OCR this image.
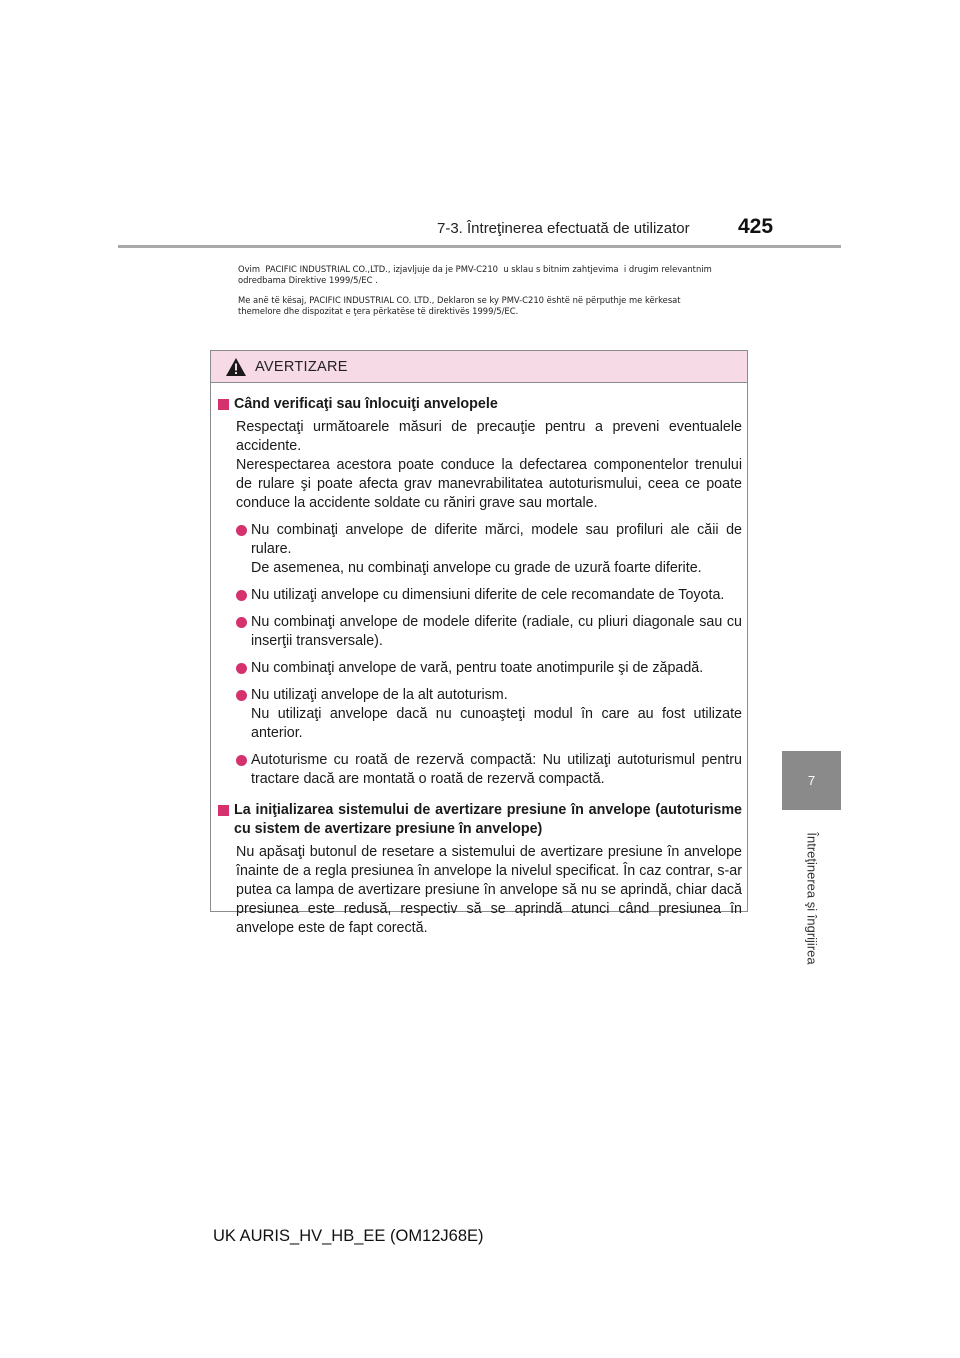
7-3. Întreţinerea efectuată de utilizator 425
7
Întreţinerea şi îngrijirea
Ovim  PACIFIC INDUSTRIAL CO.,LTD., izjavljuje da je PMV-C210  u sklau s bitnim zahtjevima  i drugim relevantnim
odredbama Direktive 1999/5/EC .
Me anë të kësaj, PACIFIC INDUSTRIAL CO. LTD., Deklaron se ky PMV-C210 është në përputhje me kërkesat
themelore dhe dispozitat e ţera përkatëse të direktivës 1999/5/EC.
AVERTIZARE
Când verificaţi sau înlocuiţi anvelopele
Respectaţi următoarele măsuri de precauţie pentru a preveni eventualele accidente.
Nerespectarea acestora poate conduce la defectarea componentelor trenului de rulare şi poate afecta grav manevrabilitatea autoturismului, ceea ce poate conduce la accidente soldate cu răniri grave sau mortale.
Nu combinaţi anvelope de diferite mărci, modele sau profiluri ale căii de rulare.
De asemenea, nu combinaţi anvelope cu grade de uzură foarte diferite.
Nu utilizaţi anvelope cu dimensiuni diferite de cele recomandate de Toyota.
Nu combinaţi anvelope de modele diferite (radiale, cu pliuri diagonale sau cu inserţii transversale).
Nu combinaţi anvelope de vară, pentru toate anotimpurile şi de zăpadă.
Nu utilizaţi anvelope de la alt autoturism.
Nu utilizaţi anvelope dacă nu cunoaşteţi modul în care au fost utilizate anterior.
Autoturisme cu roată de rezervă compactă: Nu utilizaţi autoturismul pentru tractare dacă are montată o roată de rezervă compactă.
La iniţializarea sistemului de avertizare presiune în anvelope (autoturisme cu sistem de avertizare presiune în anvelope)
Nu apăsaţi butonul de resetare a sistemului de avertizare presiune în anvelope înainte de a regla presiunea în anvelope la nivelul specificat. În caz contrar, s-ar putea ca lampa de avertizare presiune în anvelope să nu se aprindă, chiar dacă presiunea este redusă, respectiv să se aprindă atunci când presiunea în anvelope este de fapt corectă.
UK AURIS_HV_HB_EE (OM12J68E)
